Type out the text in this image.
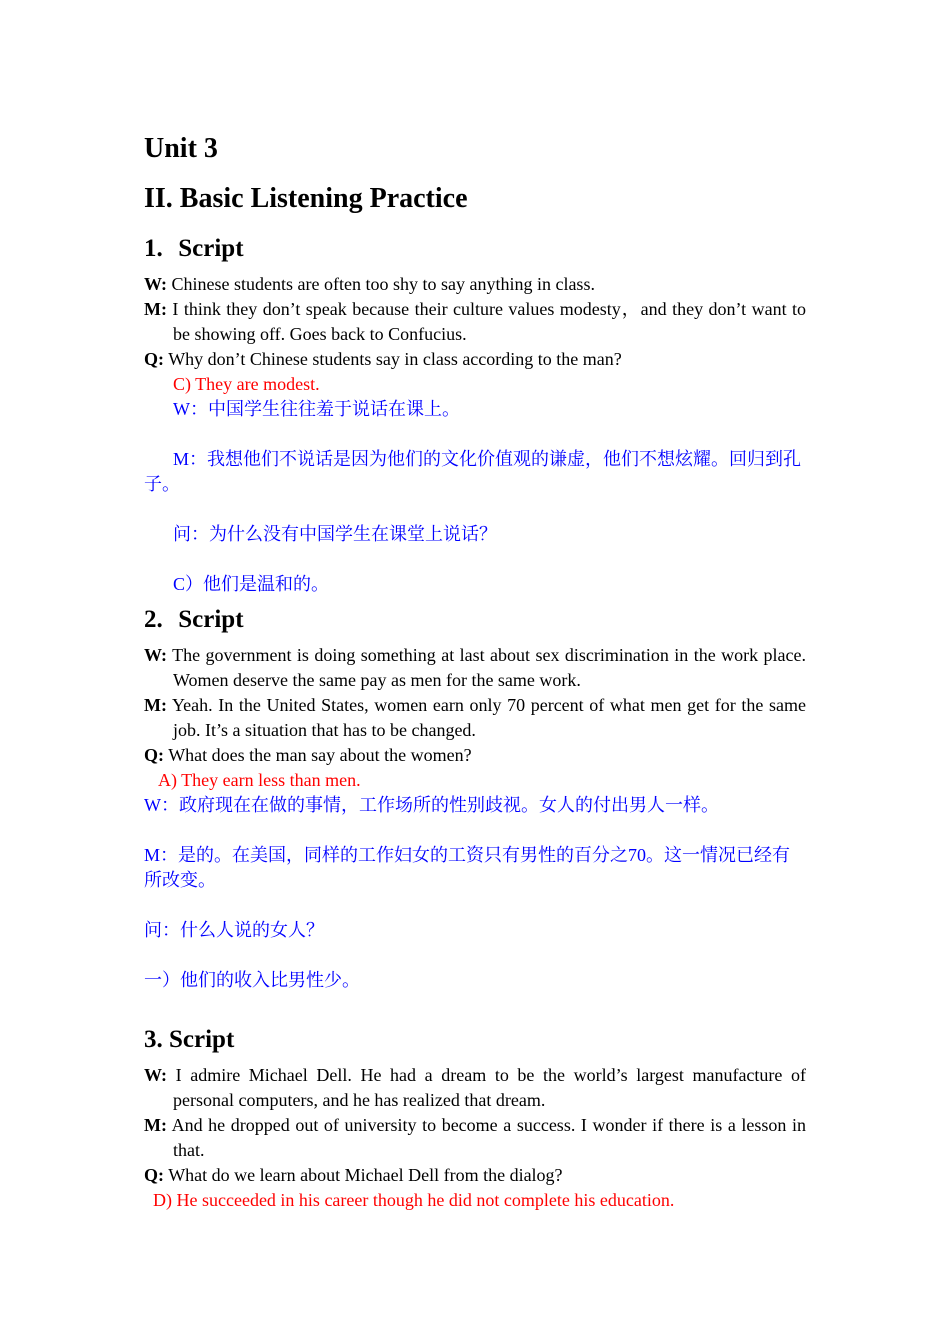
Unit 3
II. Basic Listening Practice
1. Script

W: Chinese students are often too shy to say anything in class.

M: I think they don’t speak because their culture values modesty，and they don’t want to be showing off. Goes back to Confucius.

Q: Why don’t Chinese students say in class according to the man?

C) They are modest.

W：中国学生往往羞于说话在课上。

M：我想他们不说话是因为他们的文化价值观的谦虚，他们不想炫耀。回归到孔子。

问：为什么没有中国学生在课堂上说话？

C）他们是温和的。

2. Script

W: The government is doing something at last about sex discrimination in the work place. Women deserve the same pay as men for the same work.

M: Yeah. In the United States, women earn only 70 percent of what men get for the same job. It’s a situation that has to be changed.

Q: What does the man say about the women?

A) They earn less than men.

W：政府现在在做的事情，工作场所的性别歧视。女人的付出男人一样。

M：是的。在美国，同样的工作妇女的工资只有男性的百分之70。这一情况已经有所改变。

问：什么人说的女人？

一）他们的收入比男性少。

3. Script

W: I admire Michael Dell. He had a dream to be the world’s largest manufacture of personal computers, and he has realized that dream.

M: And he dropped out of university to become a success. I wonder if there is a lesson in that.

Q: What do we learn about Michael Dell from the dialog?

D) He succeeded in his career though he did not complete his education.
